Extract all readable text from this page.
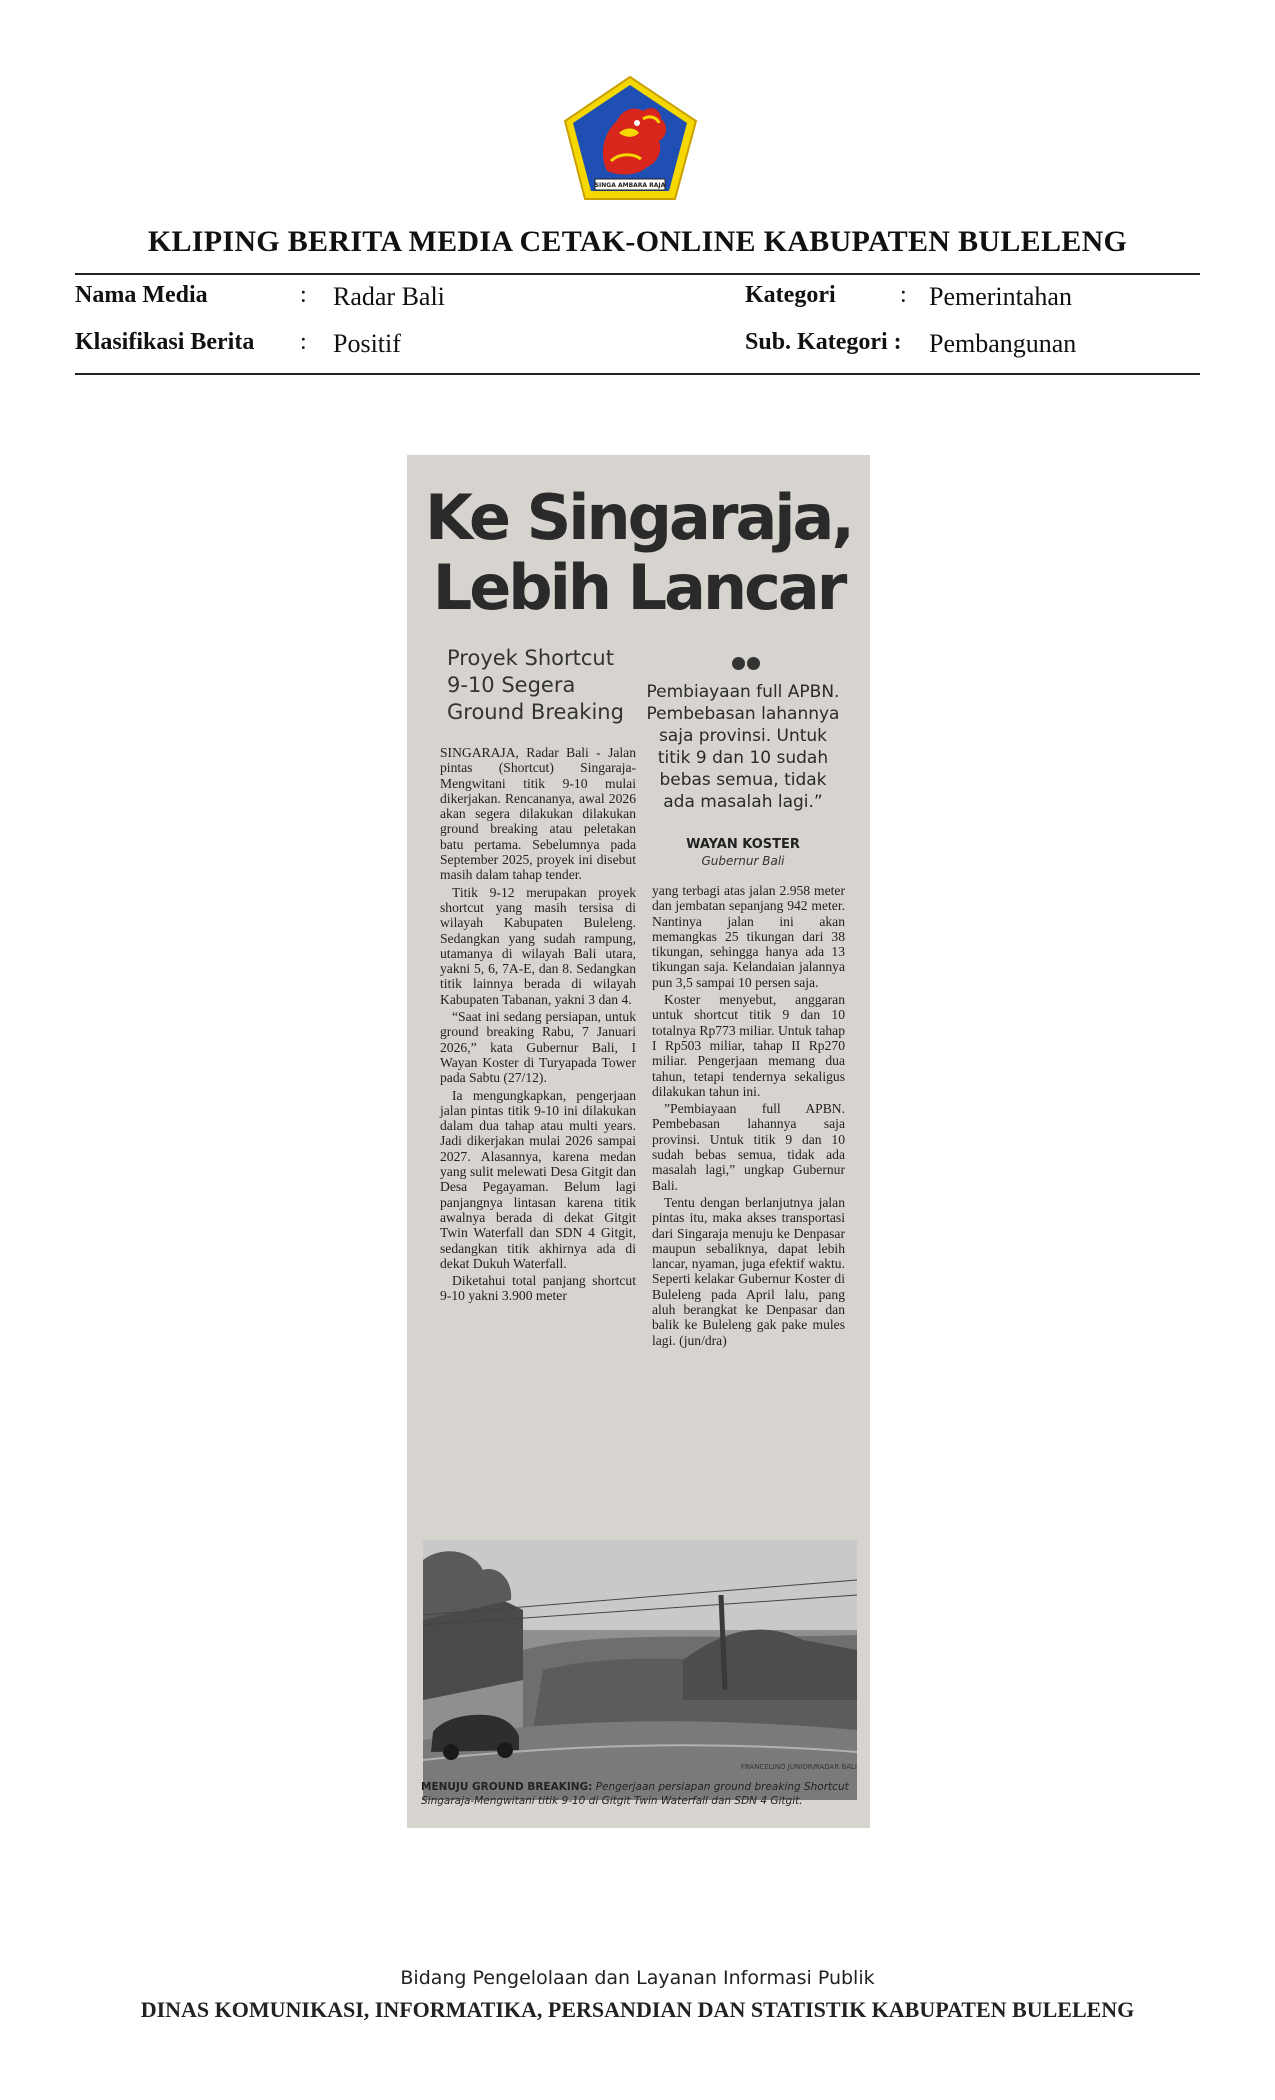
SINGA AMBARA RAJA
KLIPING BERITA MEDIA CETAK-ONLINE KABUPATEN BULELENG
Nama Media	: Radar Bali	Kategori	: Pemerintahan
Klasifikasi Berita : Positif	Sub. Kategori : Pembangunan
Ke Singaraja,
Lebih Lancar
Proyek Shortcut 9-10 Segera Ground Breaking
Pembiayaan full APBN. Pembebasan lahannya saja provinsi. Untuk titik 9 dan 10 sudah bebas semua, tidak ada masalah lagi.”
WAYAN KOSTER
Gubernur Bali

SINGARAJA, Radar Bali - Jalan pintas (Shortcut) Singaraja-Mengwitani titik 9-10 mulai dikerjakan. Rencananya, awal 2026 akan segera dilakukan dilakukan ground breaking atau peletakan batu pertama. Sebelumnya pada September 2025, proyek ini disebut masih dalam tahap tender.

Titik 9-12 merupakan proyek shortcut yang masih tersisa di wilayah Kabupaten Buleleng. Sedangkan yang sudah rampung, utamanya di wilayah Bali utara, yakni 5, 6, 7A-E, dan 8. Sedangkan titik lainnya berada di wilayah Kabupaten Tabanan, yakni 3 dan 4.

“Saat ini sedang persiapan, untuk ground breaking Rabu, 7 Januari 2026,” kata Gubernur Bali, I Wayan Koster di Turyapada Tower pada Sabtu (27/12).

Ia mengungkapkan, pengerjaan jalan pintas titik 9-10 ini dilakukan dalam dua tahap atau multi years. Jadi dikerjakan mulai 2026 sampai 2027. Alasannya, karena medan yang sulit melewati Desa Gitgit dan Desa Pegayaman. Belum lagi panjangnya lintasan karena titik awalnya berada di dekat Gitgit Twin Waterfall dan SDN 4 Gitgit, sedangkan titik akhirnya ada di dekat Dukuh Waterfall.

Diketahui total panjang shortcut 9-10 yakni 3.900 meter

yang terbagi atas jalan 2.958 meter dan jembatan sepanjang 942 meter. Nantinya jalan ini akan memangkas 25 tikungan dari 38 tikungan, sehingga hanya ada 13 tikungan saja. Kelandaian jalannya pun 3,5 sampai 10 persen saja.

Koster menyebut, anggaran untuk shortcut titik 9 dan 10 totalnya Rp773 miliar. Untuk tahap I Rp503 miliar, tahap II Rp270 miliar. Pengerjaan memang dua tahun, tetapi tendernya sekaligus dilakukan tahun ini.

”Pembiayaan full APBN. Pembebasan lahannya saja provinsi. Untuk titik 9 dan 10 sudah bebas semua, tidak ada masalah lagi,” ungkap Gubernur Bali.

Tentu dengan berlanjutnya jalan pintas itu, maka akses transportasi dari Singaraja menuju ke Denpasar maupun sebaliknya, dapat lebih lancar, nyaman, juga efektif waktu. Seperti kelakar Gubernur Koster di Buleleng pada April lalu, pang aluh berangkat ke Denpasar dan balik ke Buleleng gak pake mules lagi. (jun/dra)

FRANCELINO JUNIOR/RADAR BALI
MENUJU GROUND BREAKING: Pengerjaan persiapan ground breaking Shortcut Singaraja-Mengwitani titik 9-10 di Gitgit Twin Waterfall dan SDN 4 Gitgit.
Bidang Pengelolaan dan Layanan Informasi Publik
DINAS KOMUNIKASI, INFORMATIKA, PERSANDIAN DAN STATISTIK KABUPATEN BULELENG
